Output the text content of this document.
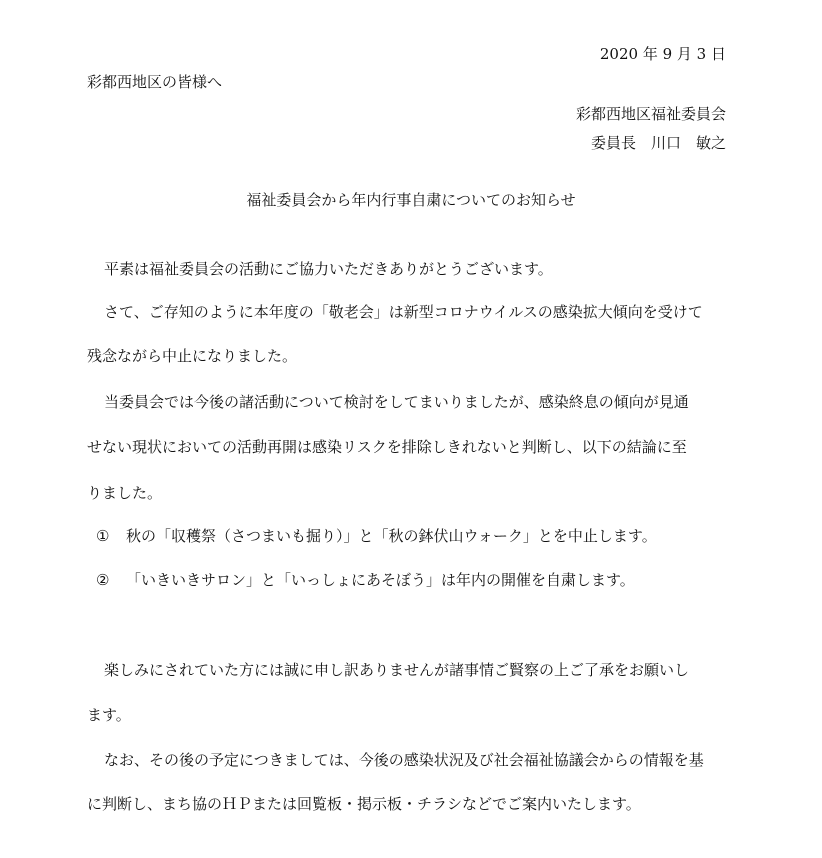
2020 年 9 月 3 日
彩都西地区の皆様へ
彩都西地区福祉委員会
委員長　川口　敏之
福祉委員会から年内行事自粛についてのお知らせ
平素は福祉委員会の活動にご協力いただきありがとうございます。
さて、ご存知のように本年度の「敬老会」は新型コロナウイルスの感染拡大傾向を受けて
残念ながら中止になりました。
当委員会では今後の諸活動について検討をしてまいりましたが、感染終息の傾向が見通
せない現状においての活動再開は感染リスクを排除しきれないと判断し、以下の結論に至
りました。
① 秋の「収穫祭（さつまいも掘り）」と「秋の鉢伏山ウォーク」とを中止します。
② 「いきいきサロン」と「いっしょにあそぼう」は年内の開催を自粛します。
楽しみにされていた方には誠に申し訳ありませんが諸事情ご賢察の上ご了承をお願いし
ます。
なお、その後の予定につきましては、今後の感染状況及び社会福祉協議会からの情報を基
に判断し、まち協のＨＰまたは回覧板・掲示板・チラシなどでご案内いたします。
